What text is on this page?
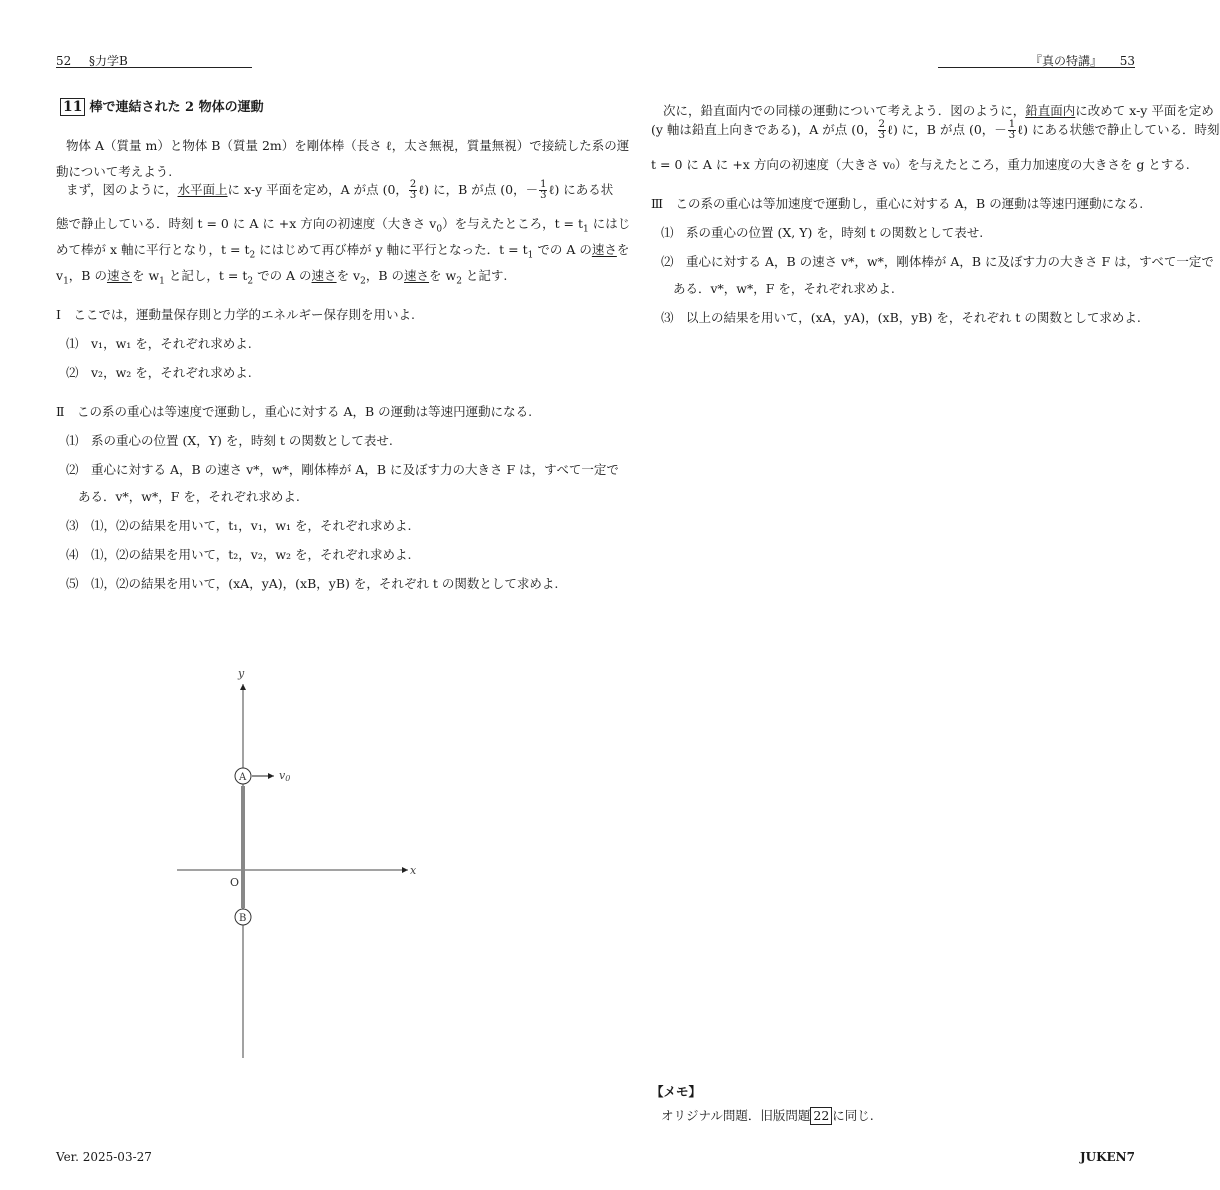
52 §力学B	『真の特講』 53
11 棒で連結された 2 物体の運動
物体 A（質量 m）と物体 B（質量 2m）を剛体棒（長さ ℓ，太さ無視，質量無視）で接続した系の運
動について考えよう.
まず，図のように，水平面上に x-y 平面を定め，A が点 (0， $\frac{2}{3}$ ℓ) に，B が点 (0，－ $\frac{1}{3}$ ℓ) にある状
態で静止している．時刻 t = 0 に A に +x 方向の初速度（大きさ $v_0$）を与えたところ，$t = t_1$ にはじ
めて棒が x 軸に平行となり，$t = t_2$ にはじめて再び棒が y 軸に平行となった．$t = t_1$ での A の速さを
$v_1$，B の速さを $w_1$ と記し，$t = t_2$ での A の速さを $v_2$，B の速さを $w_2$ と記す.
Ⅰ　ここでは，運動量保存則と力学的エネルギー保存則を用いよ.
⑴　v₁，w₁ を，それぞれ求めよ.
⑵　v₂，w₂ を，それぞれ求めよ.
Ⅱ　この系の重心は等速度で運動し，重心に対する A，B の運動は等速円運動になる.
⑴　系の重心の位置 (X，Y) を，時刻 t の関数として表せ.
⑵　重心に対する A，B の速さ v*，w*，剛体棒が A，B に及ぼす力の大きさ F は，すべて一定で
ある．v*，w*，F を，それぞれ求めよ.
⑶　⑴，⑵の結果を用いて，t₁，v₁，w₁ を，それぞれ求めよ.
⑷　⑴，⑵の結果を用いて，t₂，v₂，w₂ を，それぞれ求めよ.
⑸　⑴，⑵の結果を用いて，(xA，yA)，(xB，yB) を，それぞれ t の関数として求めよ.
y
x
O
A
B
v0
次に，鉛直面内での同様の運動について考えよう．図のように，鉛直面内に改めて x-y 平面を定め
(y 軸は鉛直上向きである)，A が点 (0， $\frac{2}{3}$ ℓ) に，B が点 (0，－ $\frac{1}{3}$ ℓ) にある状態で静止している．時刻
t = 0 に A に +x 方向の初速度（大きさ v₀）を与えたところ，重力加速度の大きさを g とする.
Ⅲ　この系の重心は等加速度で運動し，重心に対する A，B の運動は等速円運動になる.
⑴　系の重心の位置 (X, Y) を，時刻 t の関数として表せ.
⑵　重心に対する A，B の速さ v*，w*，剛体棒が A，B に及ぼす力の大きさ F は，すべて一定で
ある．v*，w*，F を，それぞれ求めよ.
⑶　以上の結果を用いて，(xA，yA)，(xB，yB) を，それぞれ t の関数として求めよ.
【メモ】
オリジナル問題．旧版問題 22 に同じ.
Ver. 2025-03-27	JUKEN7
